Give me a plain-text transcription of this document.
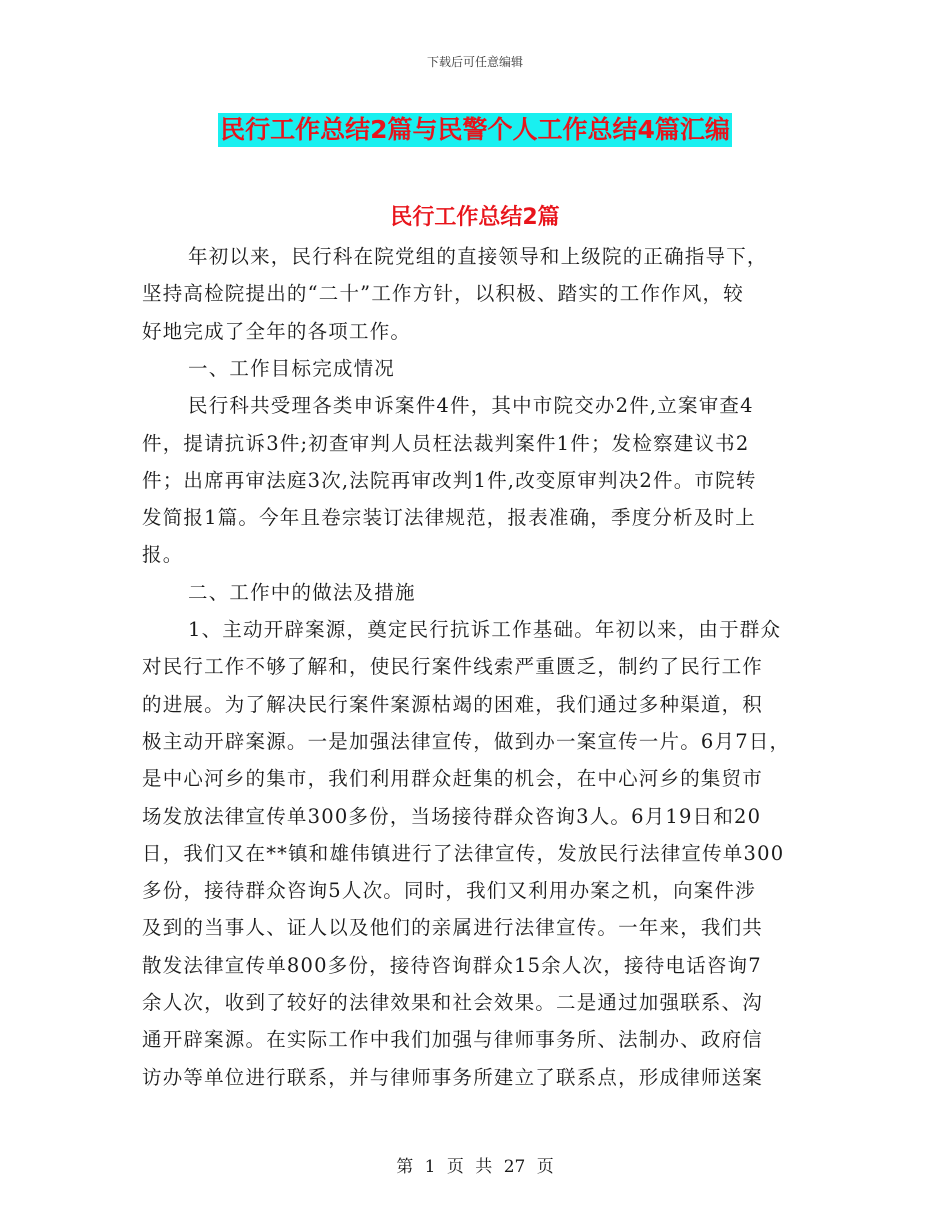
下载后可任意编辑
民行工作总结2篇与民警个人工作总结4篇汇编
民行工作总结2篇
年初以来，民行科在院党组的直接领导和上级院的正确指导下，
坚持高检院提出的“二十”工作方针，以积极、踏实的工作作风，较
好地完成了全年的各项工作。
一、工作目标完成情况
民行科共受理各类申诉案件4件，其中市院交办2件,立案审查4
件，提请抗诉3件;初查审判人员枉法裁判案件1件；发检察建议书2
件；出席再审法庭3次,法院再审改判1件,改变原审判决2件。市院转
发简报1篇。今年且卷宗装订法律规范，报表准确，季度分析及时上
报。
二、工作中的做法及措施
1、主动开辟案源，奠定民行抗诉工作基础。年初以来，由于群众
对民行工作不够了解和，使民行案件线索严重匮乏，制约了民行工作
的进展。为了解决民行案件案源枯竭的困难，我们通过多种渠道，积
极主动开辟案源。一是加强法律宣传，做到办一案宣传一片。6月7日，
是中心河乡的集市，我们利用群众赶集的机会，在中心河乡的集贸市
场发放法律宣传单300多份，当场接待群众咨询3人。6月19日和20
日，我们又在**镇和雄伟镇进行了法律宣传，发放民行法律宣传单300
多份，接待群众咨询5人次。同时，我们又利用办案之机，向案件涉
及到的当事人、证人以及他们的亲属进行法律宣传。一年来，我们共
散发法律宣传单800多份，接待咨询群众15余人次，接待电话咨询7
余人次，收到了较好的法律效果和社会效果。二是通过加强联系、沟
通开辟案源。在实际工作中我们加强与律师事务所、法制办、政府信
访办等单位进行联系，并与律师事务所建立了联系点，形成律师送案
第 1 页 共 27 页
